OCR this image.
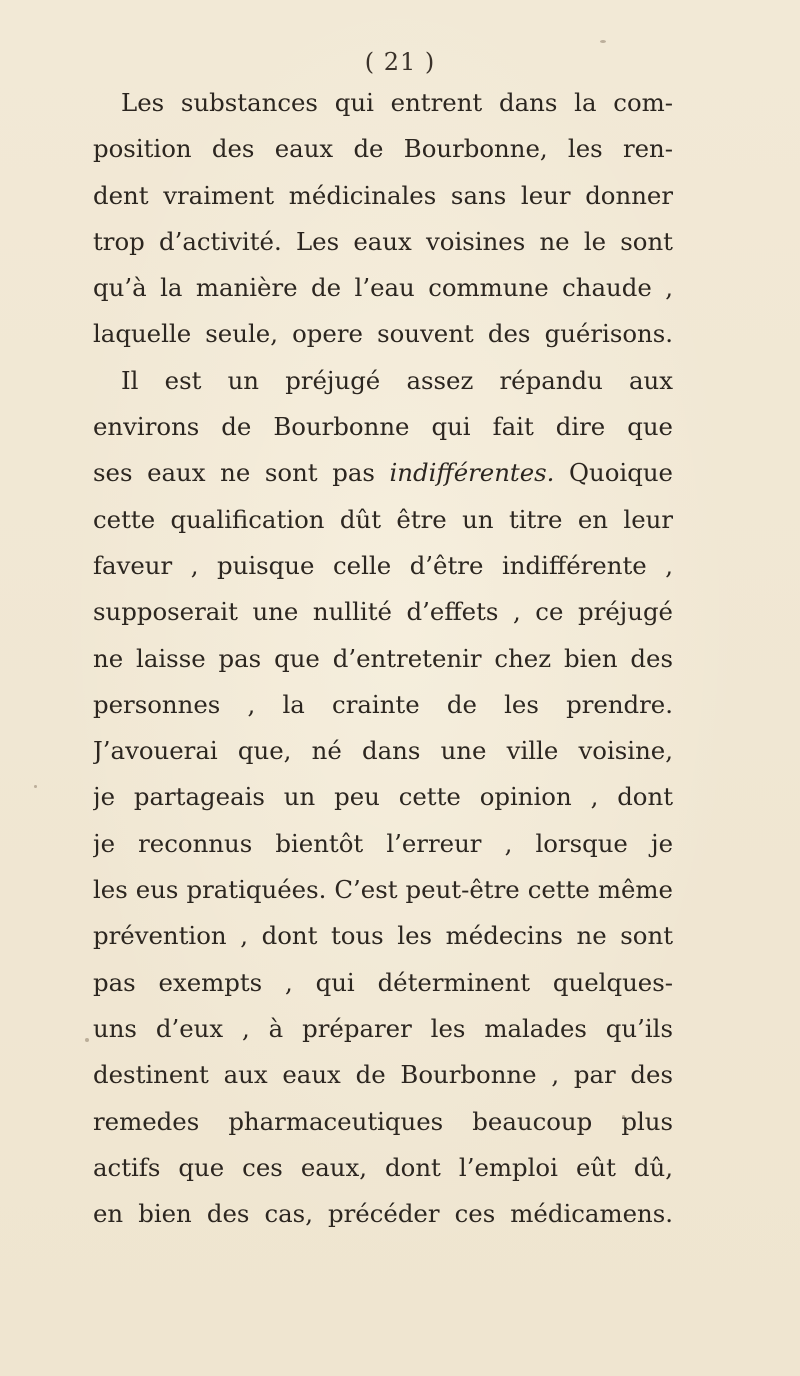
( 21 )
Les substances qui entrent dans la com-
position des eaux de Bourbonne, les ren-
dent vraiment médicinales sans leur donner
trop d’activité. Les eaux voisines ne le sont
qu’à la manière de l’eau commune chaude ,
laquelle seule, opere souvent des guérisons.
Il est un préjugé assez répandu aux
environs de Bourbonne qui fait dire que
ses eaux ne sont pas indifférentes. Quoique
cette qualification dût être un titre en leur
faveur , puisque celle d’être indifférente ,
supposerait une nullité d’effets , ce préjugé
ne laisse pas que d’entretenir chez bien des
personnes , la crainte de les prendre.
J’avouerai que, né dans une ville voisine,
je partageais un peu cette opinion , dont
je reconnus bientôt l’erreur , lorsque je
les eus pratiquées. C’est peut-être cette même
prévention , dont tous les médecins ne sont
pas exempts , qui déterminent quelques-
uns d’eux , à préparer les malades qu’ils
destinent aux eaux de Bourbonne , par des
remedes pharmaceutiques beaucoup plus
actifs que ces eaux, dont l’emploi eût dû,
en bien des cas, précéder ces médicamens.
